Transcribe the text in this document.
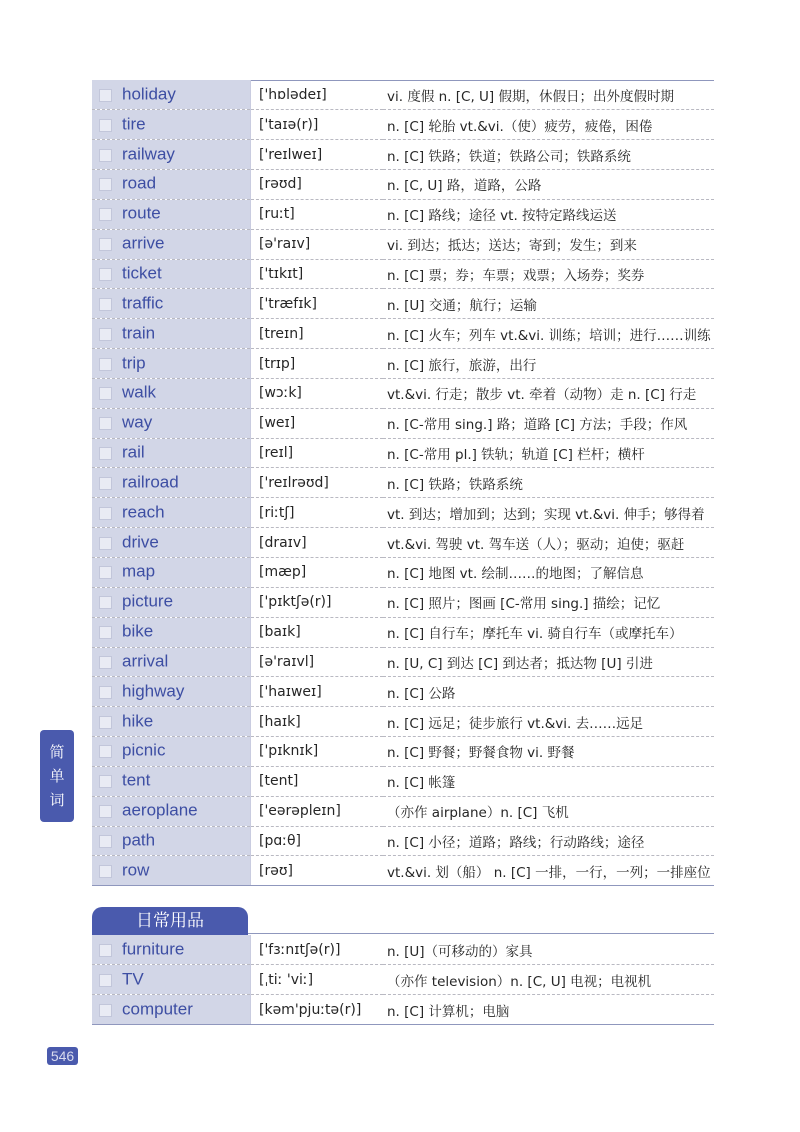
holiday	['hɒlədeɪ]	vi. 度假 n. [C, U] 假期，休假日；出外度假时期

tire	['taɪə(r)]	n. [C] 轮胎 vt.&vi.（使）疲劳，疲倦，困倦

railway	['reɪlweɪ]	n. [C] 铁路；铁道；铁路公司；铁路系统

road	[rəʊd]	n. [C, U] 路，道路，公路

route	[ruːt]	n. [C] 路线；途径 vt. 按特定路线运送

arrive	[ə'raɪv]	vi. 到达；抵达；送达；寄到；发生；到来

ticket	['tɪkɪt]	n. [C] 票；券；车票；戏票；入场券；奖券

traffic	['træfɪk]	n. [U] 交通；航行；运输

train	[treɪn]	n. [C] 火车；列车 vt.&vi. 训练；培训；进行……训练

trip	[trɪp]	n. [C] 旅行，旅游，出行

walk	[wɔːk]	vt.&vi. 行走；散步 vt. 牵着（动物）走 n. [C] 行走

way	[weɪ]	n. [C-常用 sing.] 路；道路 [C] 方法；手段；作风

rail	[reɪl]	n. [C-常用 pl.] 铁轨；轨道 [C] 栏杆；横杆

railroad	['reɪlrəʊd]	n. [C] 铁路；铁路系统

reach	[riːtʃ]	vt. 到达；增加到；达到；实现 vt.&vi. 伸手；够得着

drive	[draɪv]	vt.&vi. 驾驶 vt. 驾车送（人）；驱动；迫使；驱赶

map	[mæp]	n. [C] 地图 vt. 绘制……的地图；了解信息

picture	['pɪktʃə(r)]	n. [C] 照片；图画 [C-常用 sing.] 描绘；记忆

bike	[baɪk]	n. [C] 自行车；摩托车 vi. 骑自行车（或摩托车）

arrival	[ə'raɪvl]	n. [U, C] 到达 [C] 到达者；抵达物 [U] 引进

highway	['haɪweɪ]	n. [C] 公路

hike	[haɪk]	n. [C] 远足；徒步旅行 vt.&vi. 去……远足

picnic	['pɪknɪk]	n. [C] 野餐；野餐食物 vi. 野餐

tent	[tent]	n. [C] 帐篷

aeroplane	['eərəpleɪn]	（亦作 airplane）n. [C] 飞机

path	[pɑːθ]	n. [C] 小径；道路；路线；行动路线；途径

row	[rəʊ]	vt.&vi. 划（船） n. [C] 一排，一行，一列；一排座位
日常用品
furniture	['fɜːnɪtʃə(r)]	n. [U]（可移动的）家具

TV	[ˌtiː 'viː]	（亦作 television）n. [C, U] 电视；电视机

computer	[kəm'pjuːtə(r)]	n. [C] 计算机；电脑
简
单
词
546
